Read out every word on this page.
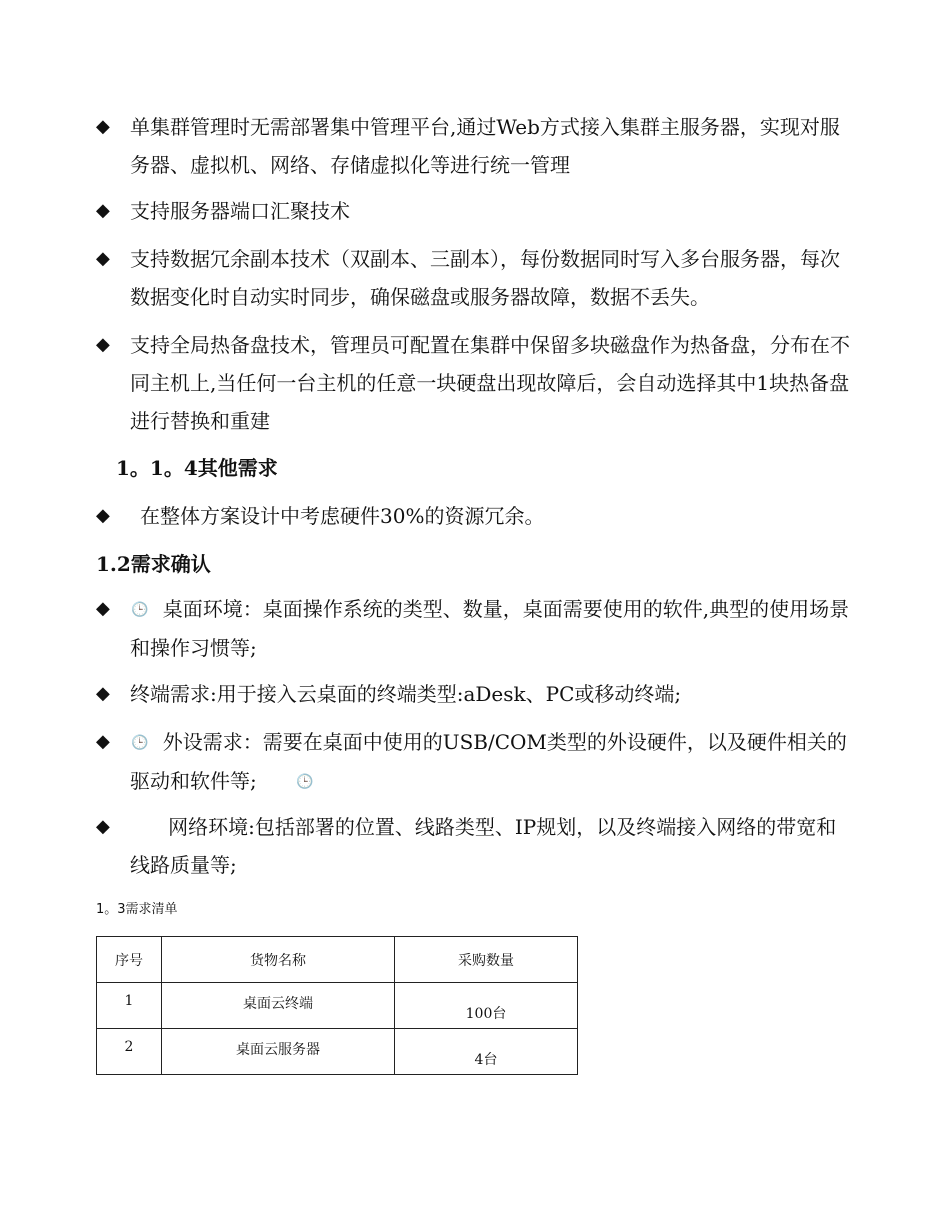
◆ 单集群管理时无需部署集中管理平台,通过Web方式接入集群主服务器，实现对服务器、虚拟机、网络、存储虚拟化等进行统一管理
◆ 支持服务器端口汇聚技术
◆ 支持数据冗余副本技术（双副本、三副本），每份数据同时写入多台服务器，每次数据变化时自动实时同步，确保磁盘或服务器故障，数据不丢失。
◆ 支持全局热备盘技术，管理员可配置在集群中保留多块磁盘作为热备盘，分布在不同主机上,当任何一台主机的任意一块硬盘出现故障后，会自动选择其中1块热备盘进行替换和重建
1。1。4其他需求
◆ 在整体方案设计中考虑硬件30%的资源冗余。
1.2需求确认
◆ 🕒 桌面环境：桌面操作系统的类型、数量，桌面需要使用的软件,典型的使用场景和操作习惯等;
◆ 终端需求:用于接入云桌面的终端类型:aDesk、PC或移动终端;
◆ 🕒 外设需求：需要在桌面中使用的USB/COM类型的外设硬件，以及硬件相关的驱动和软件等;	🕒
◆	网络环境:包括部署的位置、线路类型、IP规划，以及终端接入网络的带宽和线路质量等;
1。3需求清单
序号	货物名称	采购数量
1	桌面云终端	100台
2	桌面云服务器	4台
